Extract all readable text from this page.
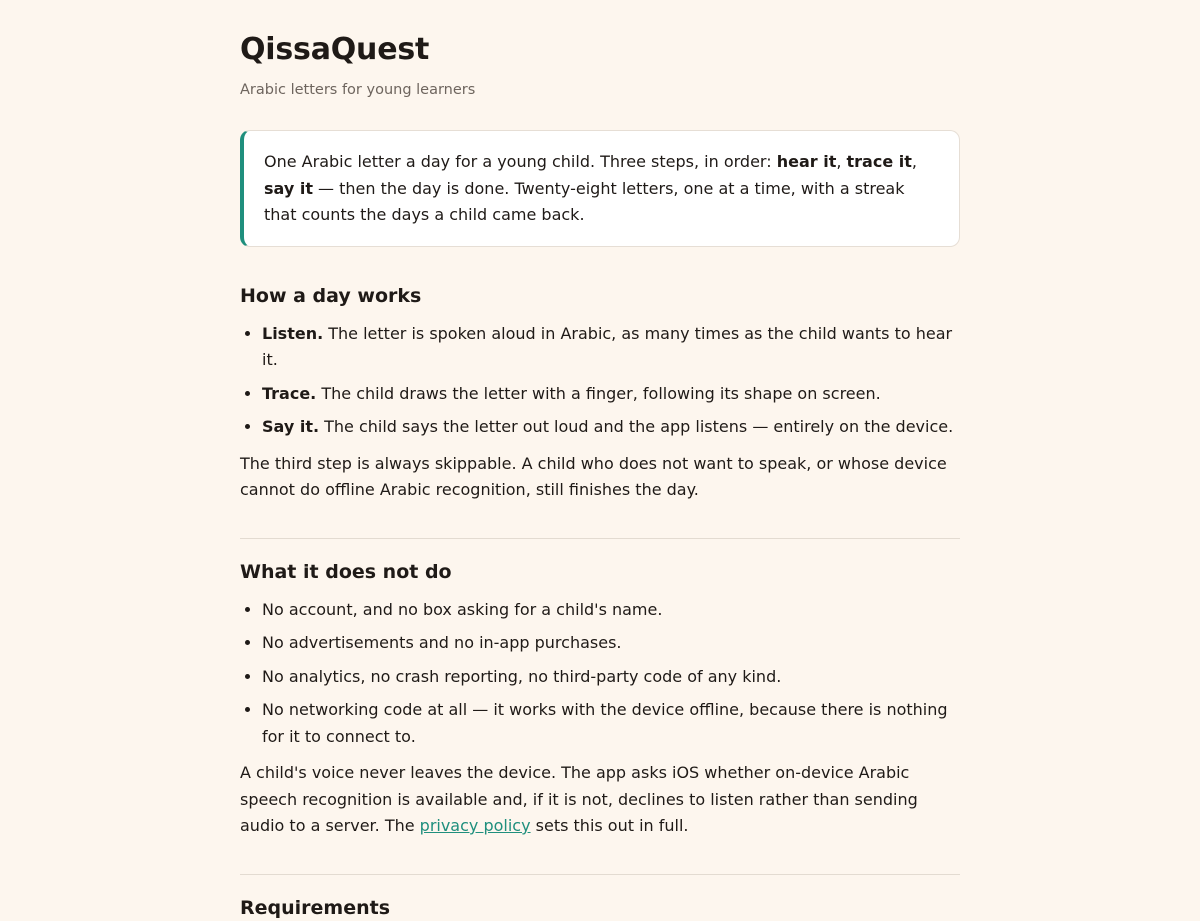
QissaQuest

Arabic letters for young learners

One Arabic letter a day for a young child. Three steps, in order: hear it, trace it, say it — then the day is done. Twenty-eight letters, one at a time, with a streak that counts the days a child came back.
How a day works
• Listen. The letter is spoken aloud in Arabic, as many times as the child wants to hear it.
• Trace. The child draws the letter with a finger, following its shape on screen.
• Say it. The child says the letter out loud and the app listens — entirely on the device.

The third step is always skippable. A child who does not want to speak, or whose device cannot do offline Arabic recognition, still finishes the day.

What it does not do
• No account, and no box asking for a child's name.
• No advertisements and no in-app purchases.
• No analytics, no crash reporting, no third-party code of any kind.
• No networking code at all — it works with the device offline, because there is nothing for it to connect to.

A child's voice never leaves the device. The app asks iOS whether on-device Arabic speech recognition is available and, if it is not, declines to listen rather than sending audio to a server. The privacy policy sets this out in full.

Requirements
